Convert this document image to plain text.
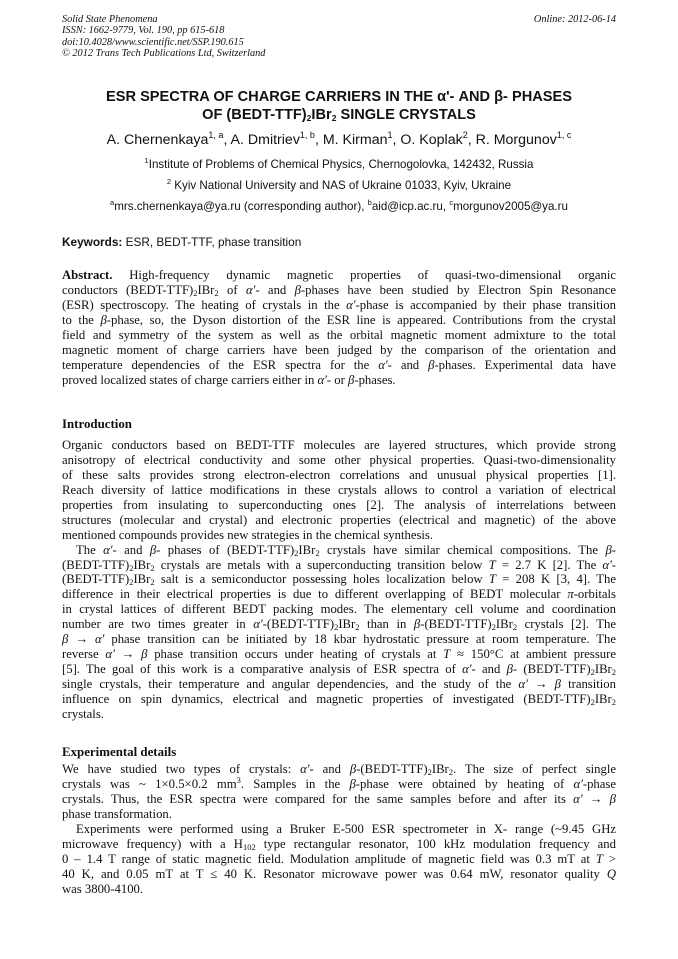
Solid State Phenomena
ISSN: 1662-9779, Vol. 190, pp 615-618
doi:10.4028/www.scientific.net/SSP.190.615
© 2012 Trans Tech Publications Ltd, Switzerland
Online: 2012-06-14
ESR SPECTRA OF CHARGE CARRIERS IN THE α'- AND β- PHASES
OF $(BEDT-TTF)_2IBr_2$ SINGLE CRYSTALS
A. Chernenkaya$^{1, a}$, A. Dmitriev$^{1, b}$, M. Kirman$^1$, O. Koplak$^2$, R. Morgunov$^{1, c}$
$^1$Institute of Problems of Chemical Physics, Chernogolovka, 142432, Russia
$^2$ Kyiv National University and NAS of Ukraine 01033, Kyiv, Ukraine
$^a$mrs.chernenkaya@ya.ru (corresponding author), $^b$aid@icp.ac.ru, $^c$morgunov2005@ya.ru
Keywords: ESR, BEDT-TTF, phase transition
Abstract. High-frequency dynamic magnetic properties of quasi-two-dimensional organic
conductors $(BEDT-TTF)_2IBr_2$ of α'- and β-phases have been studied by Electron Spin Resonance
(ESR) spectroscopy. The heating of crystals in the α'-phase is accompanied by their phase transition
to the β-phase, so, the Dyson distortion of the ESR line is appeared. Contributions from the crystal
field and symmetry of the system as well as the orbital magnetic moment admixture to the total
magnetic moment of charge carriers have been judged by the comparison of the orientation and
temperature dependencies of the ESR spectra for the α'- and β-phases. Experimental data have
proved localized states of charge carriers either in α'- or β-phases.
Introduction
Organic conductors based on BEDT-TTF molecules are layered structures, which provide strong
anisotropy of electrical conductivity and some other physical properties. Quasi-two-dimensionality
of these salts provides strong electron-electron correlations and unusual physical properties [1].
Reach diversity of lattice modifications in these crystals allows to control a variation of electrical
properties from insulating to superconducting ones [2]. The analysis of interrelations between
structures (molecular and crystal) and electronic properties (electrical and magnetic) of the above
mentioned compounds provides new strategies in the chemical synthesis.
The α'- and β- phases of $(BEDT-TTF)_2IBr_2$ crystals have similar chemical compositions. The β-
$(BEDT-TTF)_2IBr_2$ crystals are metals with a superconducting transition below T = 2.7 K [2]. The α'-
$(BEDT-TTF)_2IBr_2$ salt is a semiconductor possessing holes localization below T = 208 K [3, 4]. The
difference in their electrical properties is due to different overlapping of BEDT molecular π-orbitals
in crystal lattices of different BEDT packing modes. The elementary cell volume and coordination
number are two times greater in $\alpha'-(BEDT-TTF)_2IBr_2$ than in $\beta-(BEDT-TTF)_2IBr_2$ crystals [2]. The
β → α' phase transition can be initiated by 18 kbar hydrostatic pressure at room temperature. The
reverse α' → β phase transition occurs under heating of crystals at T ≈ 150°C at ambient pressure
[5]. The goal of this work is a comparative analysis of ESR spectra of α'- and β- $(BEDT-TTF)_2IBr_2$
single crystals, their temperature and angular dependencies, and the study of the α' → β transition
influence on spin dynamics, electrical and magnetic properties of investigated $(BEDT-TTF)_2IBr_2$
crystals.
Experimental details
We have studied two types of crystals: α'- and $\beta-(BEDT-TTF)_2IBr_2$. The size of perfect single
crystals was ~ 1×0.5×0.2 $mm^3$. Samples in the β-phase were obtained by heating of α'-phase
crystals. Thus, the ESR spectra were compared for the same samples before and after its α' → β
phase transformation.
Experiments were performed using a Bruker E-500 ESR spectrometer in X- range (~9.45 GHz
microwave frequency) with a $H_{102}$ type rectangular resonator, 100 kHz modulation frequency and
0 – 1.4 T range of static magnetic field. Modulation amplitude of magnetic field was 0.3 mT at T >
40 K, and 0.05 mT at T ≤ 40 K. Resonator microwave power was 0.64 mW, resonator quality Q
was 3800-4100.
